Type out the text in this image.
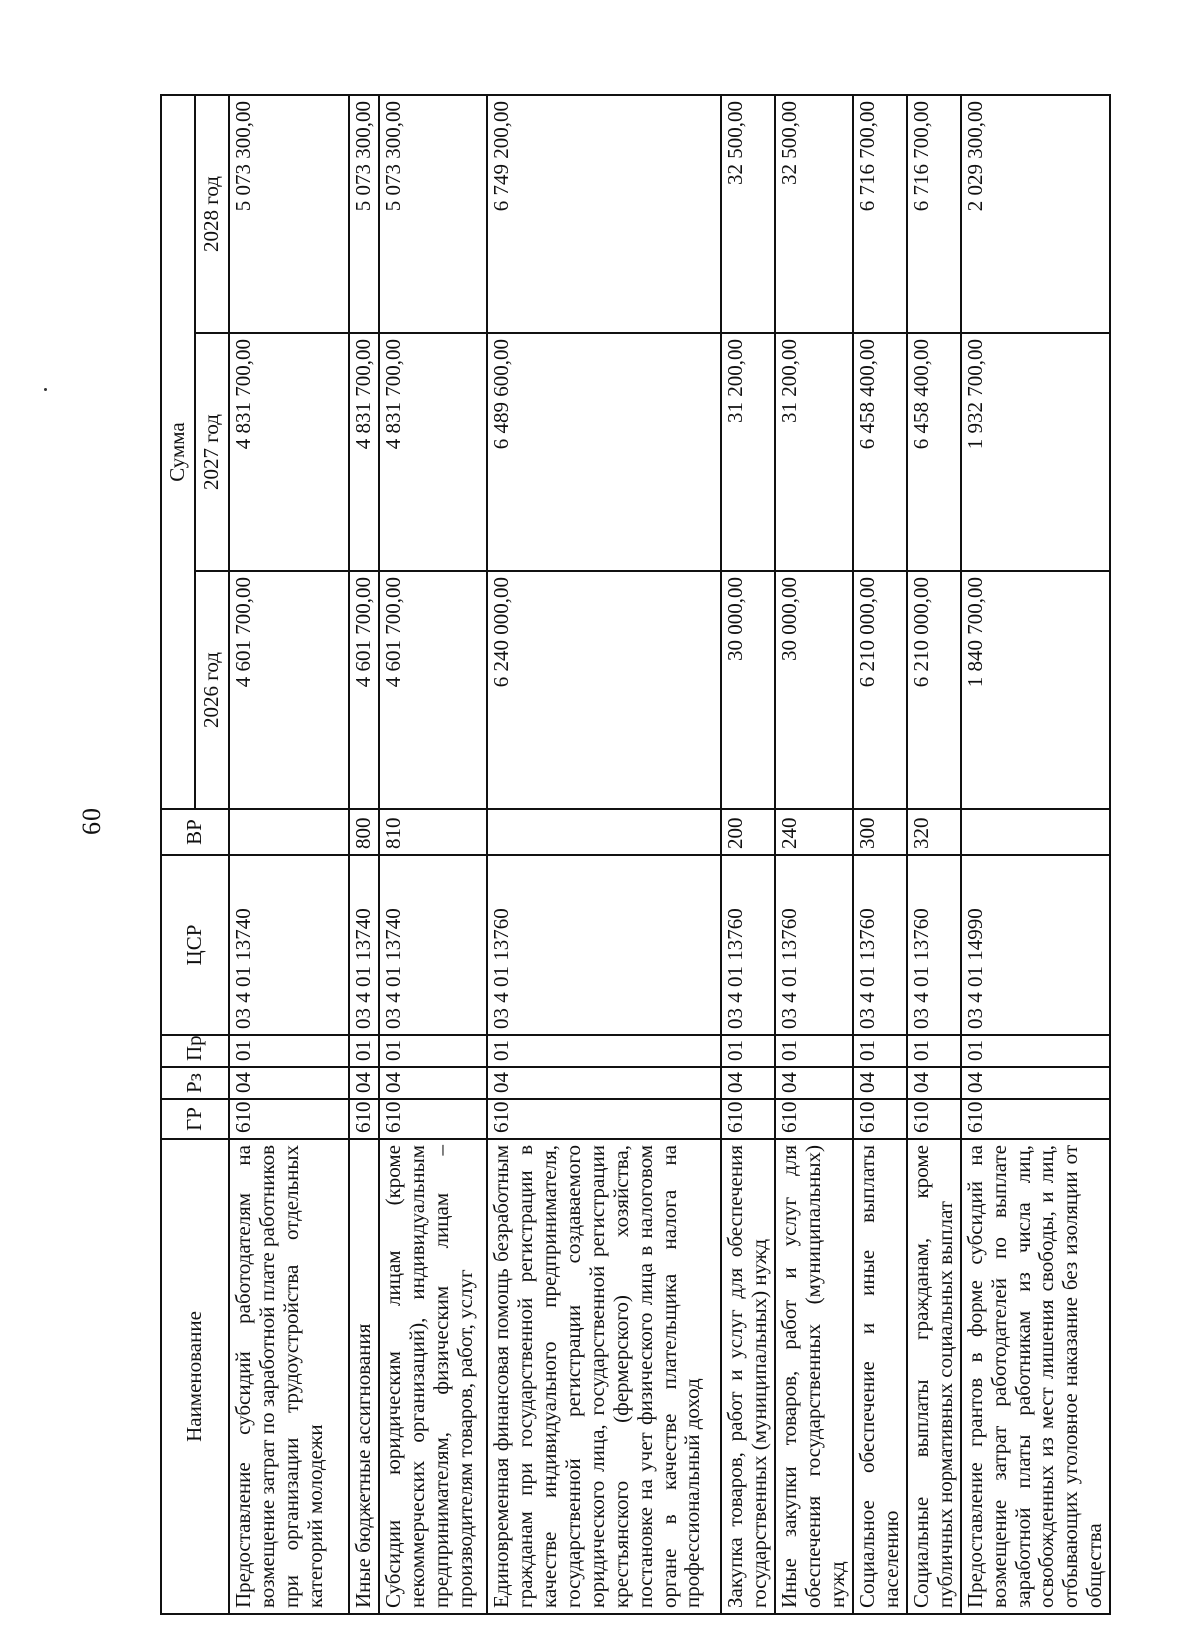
60
Наименование	ГР	Рз	Пр	ЦСР	ВР	Сумма		
						2026 год	2027 год	2028 год
Предоставление субсидий работодателям на возмещение затрат по заработной плате работников при организации трудоустройства отдельных категорий молодежи	610	04	01	03 4 01 13740		4 601 700,00	4 831 700,00	5 073 300,00
Иные бюджетные ассигнования	610	04	01	03 4 01 13740	800	4 601 700,00	4 831 700,00	5 073 300,00
Субсидии юридическим лицам (кроме некоммерческих организаций), индивидуальным предпринимателям, физическим лицам – производителям товаров, работ, услуг	610	04	01	03 4 01 13740	810	4 601 700,00	4 831 700,00	5 073 300,00
Единовременная финансовая помощь безработным гражданам при государственной регистрации в качестве индивидуального предпринимателя, государственной регистрации создаваемого юридического лица, государственной регистрации крестьянского (фермерского) хозяйства, постановке на учет физического лица в налоговом органе в качестве плательщика налога на профессиональный доход	610	04	01	03 4 01 13760		6 240 000,00	6 489 600,00	6 749 200,00
Закупка товаров, работ и услуг для обеспечения государственных (муниципальных) нужд	610	04	01	03 4 01 13760	200	30 000,00	31 200,00	32 500,00
Иные закупки товаров, работ и услуг для обеспечения государственных (муниципальных) нужд	610	04	01	03 4 01 13760	240	30 000,00	31 200,00	32 500,00
Социальное обеспечение и иные выплаты населению	610	04	01	03 4 01 13760	300	6 210 000,00	6 458 400,00	6 716 700,00
Социальные выплаты гражданам, кроме публичных нормативных социальных выплат	610	04	01	03 4 01 13760	320	6 210 000,00	6 458 400,00	6 716 700,00
Предоставление грантов в форме субсидий на возмещение затрат работодателей по выплате заработной платы работникам из числа лиц, освобожденных из мест лишения свободы, и лиц, отбывающих уголовное наказание без изоляции от общества	610	04	01	03 4 01 14990		1 840 700,00	1 932 700,00	2 029 300,00
